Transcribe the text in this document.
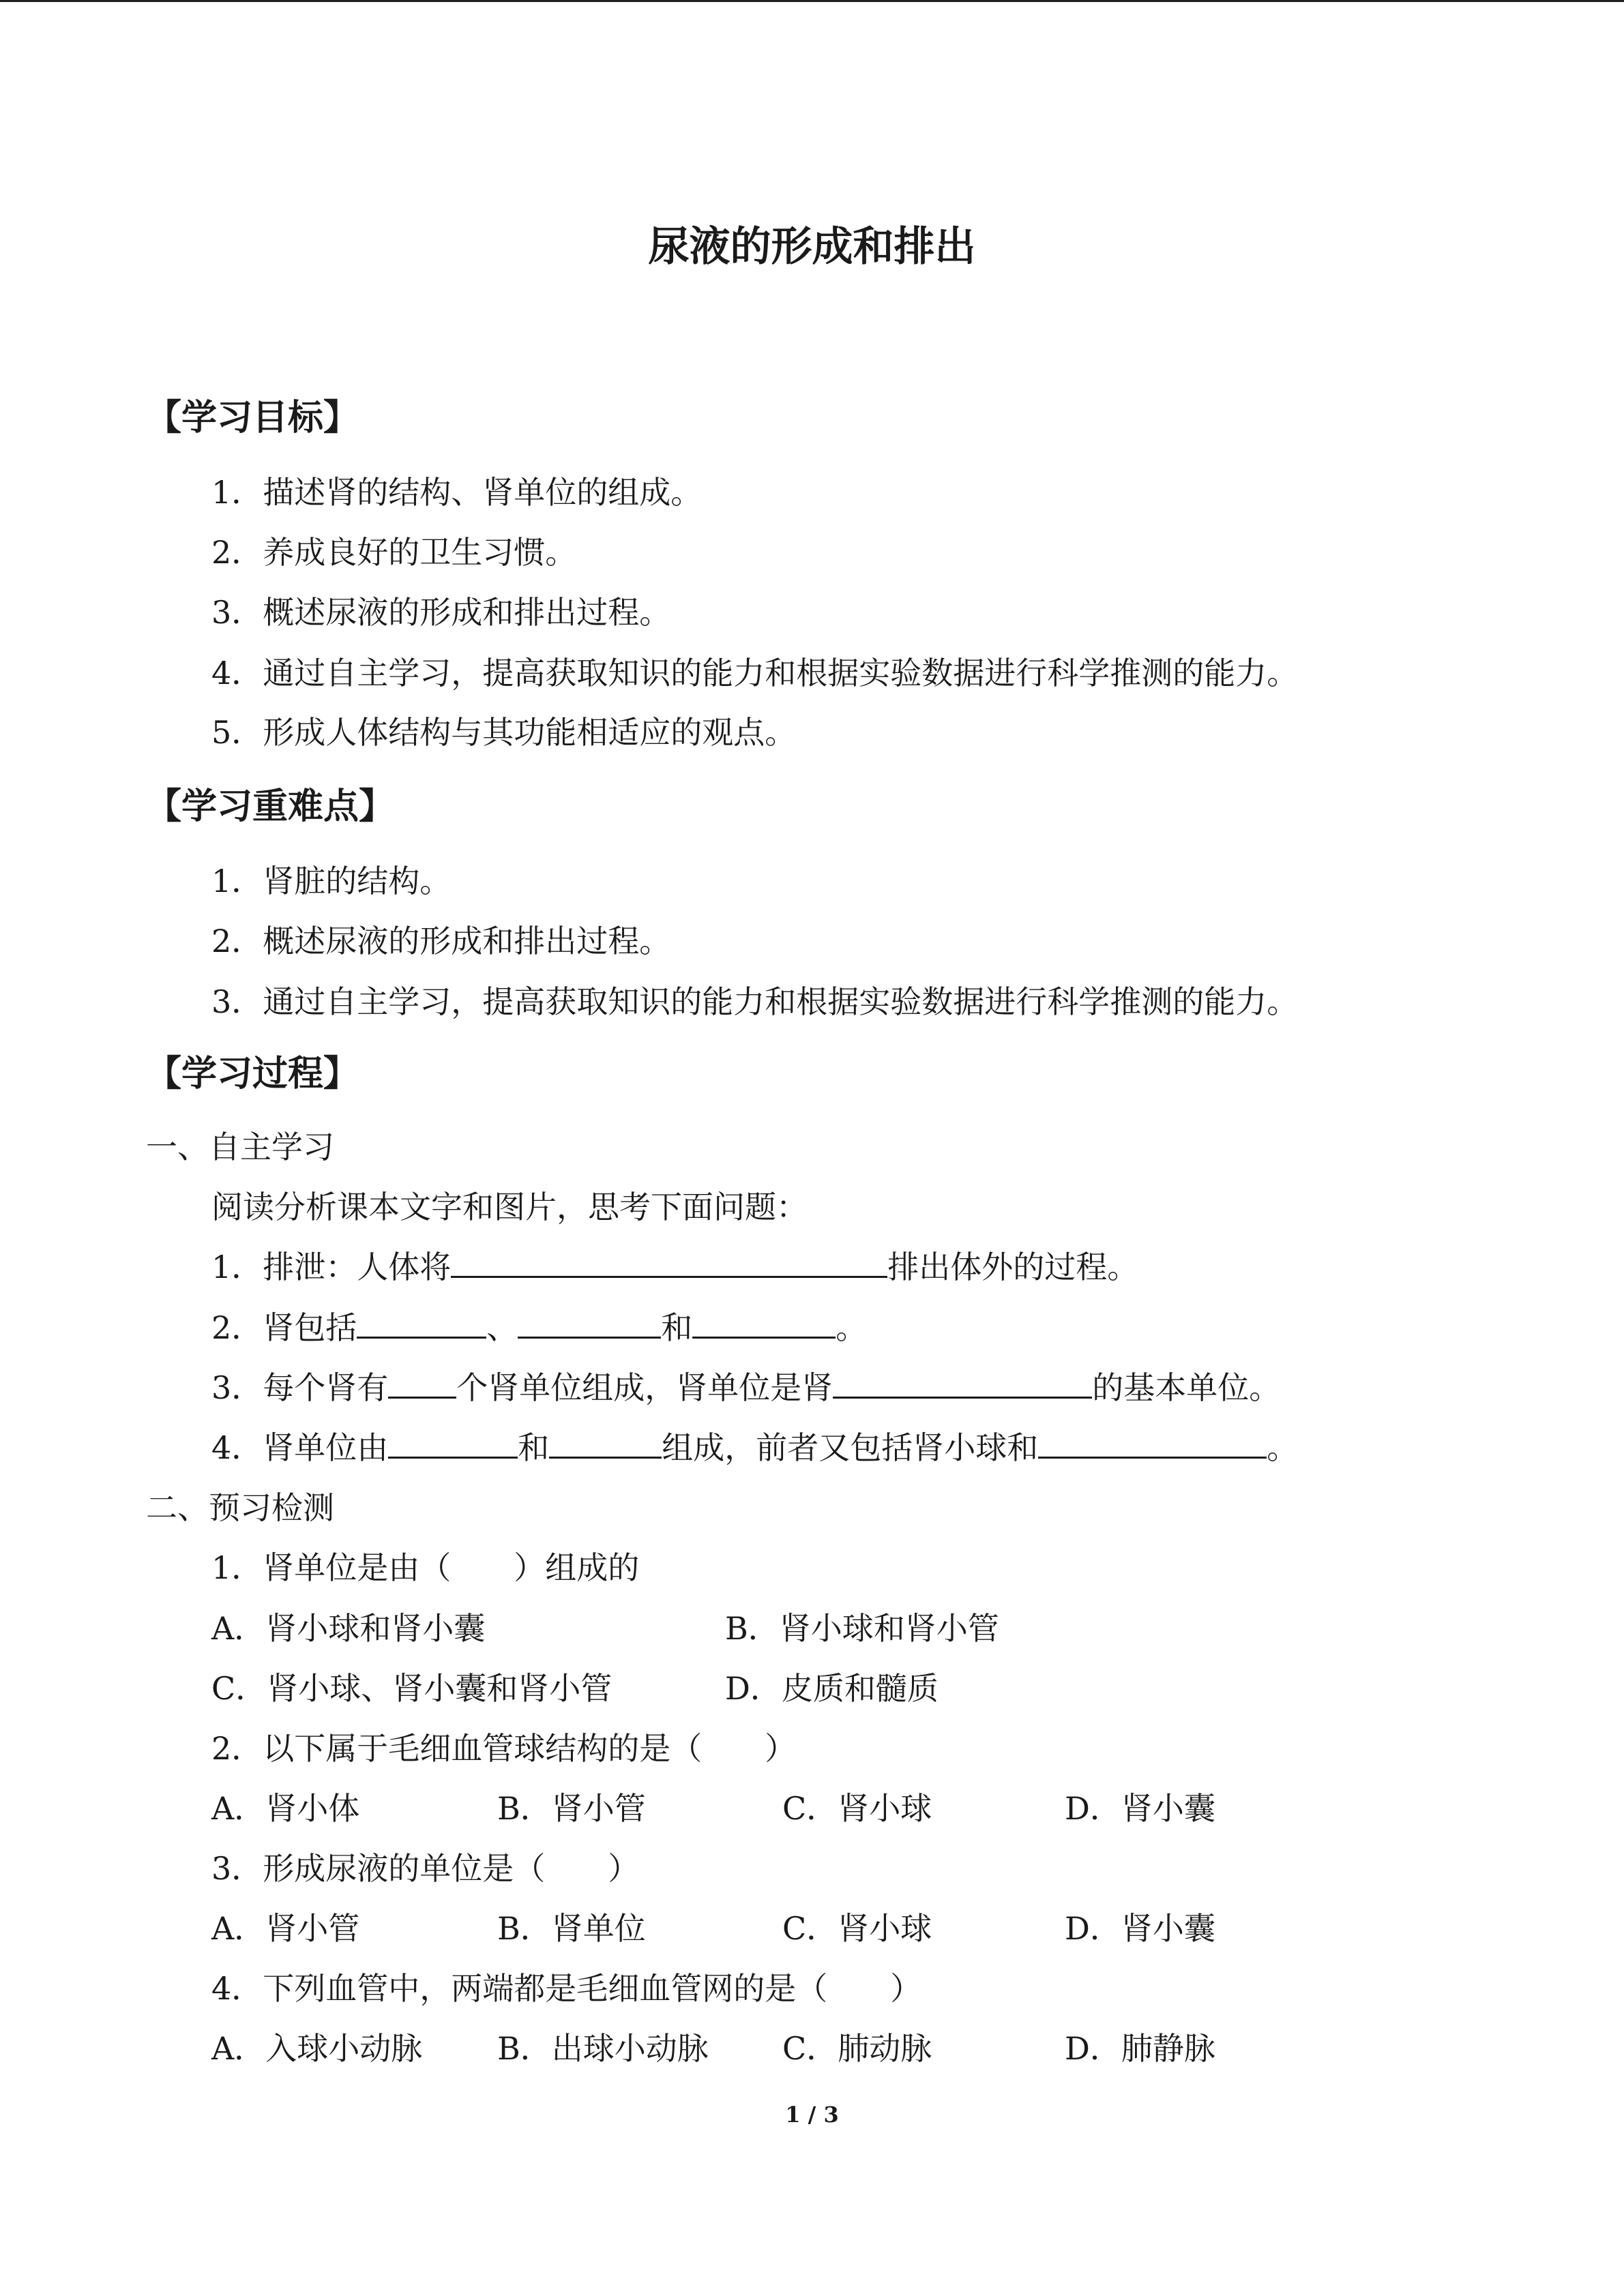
尿液的形成和排出
【学习目标】
1．描述肾的结构、肾单位的组成。
2．养成良好的卫生习惯。
3．概述尿液的形成和排出过程。
4．通过自主学习，提高获取知识的能力和根据实验数据进行科学推测的能力。
5．形成人体结构与其功能相适应的观点。
【学习重难点】
1．肾脏的结构。
2．概述尿液的形成和排出过程。
3．通过自主学习，提高获取知识的能力和根据实验数据进行科学推测的能力。
【学习过程】
一、自主学习
阅读分析课本文字和图片，思考下面问题：
1．排泄：人体将	排出体外的过程。
2．肾包括	、	和	。
3．每个肾有 个肾单位组成，肾单位是肾	的基本单位。
4．肾单位由	和	组成，前者又包括肾小球和	。
二、预习检测
1．肾单位是由（　　）组成的
A．肾小球和肾小囊	B．肾小球和肾小管
C．肾小球、肾小囊和肾小管	D．皮质和髓质
2．以下属于毛细血管球结构的是（　　）
A．肾小体	B．肾小管	C．肾小球	D．肾小囊
3．形成尿液的单位是（　　）
A．肾小管	B．肾单位	C．肾小球	D．肾小囊
4．下列血管中，两端都是毛细血管网的是（　　）
A．入球小动脉 B．出球小动脉 C．肺动脉	D．肺静脉
1 / 3
